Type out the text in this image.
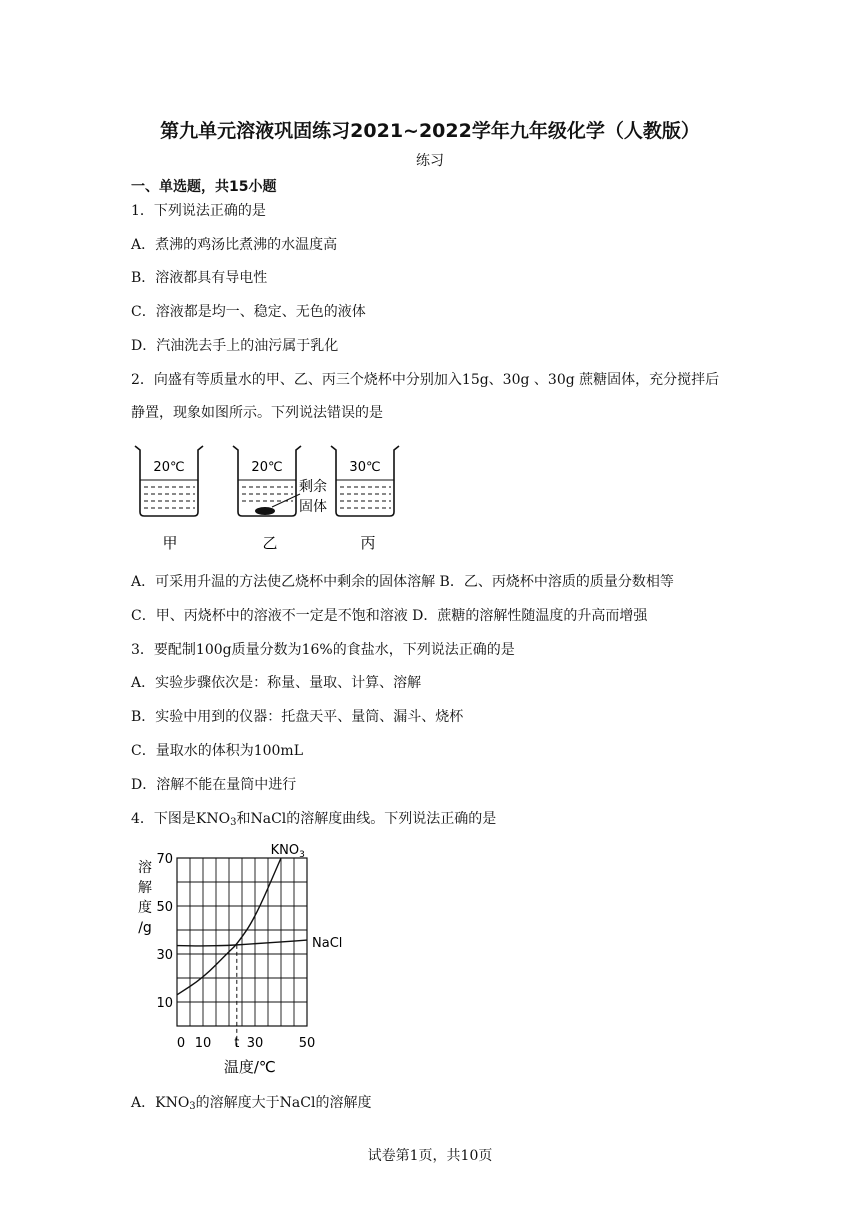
第九单元溶液巩固练习2021~2022学年九年级化学（人教版）
练习
一、单选题，共15小题
1．下列说法正确的是
A．煮沸的鸡汤比煮沸的水温度高
B．溶液都具有导电性
C．溶液都是均一、稳定、无色的液体
D．汽油洗去手上的油污属于乳化
2．向盛有等质量水的甲、乙、丙三个烧杯中分别加入15g、30g 、30g 蔗糖固体，充分搅拌后
静置，现象如图所示。下列说法错误的是
20℃
甲
20℃
剩余
固体
乙
30℃
丙
A．可采用升温的方法使乙烧杯中剩余的固体溶解 B．乙、丙烧杯中溶质的质量分数相等
C．甲、丙烧杯中的溶液不一定是不饱和溶液 D．蔗糖的溶解性随温度的升高而增强
3．要配制100g质量分数为16%的食盐水，下列说法正确的是
A．实验步骤依次是：称量、量取、计算、溶解
B．实验中用到的仪器：托盘天平、量筒、漏斗、烧杯
C．量取水的体积为100mL
D．溶解不能在量筒中进行
4．下图是$KNO_3$和NaCl的溶解度曲线。下列说法正确的是
10
30
50
70
0 10 t 30	50
溶
解
度
/g
温度/℃
$KNO_3$
NaCl
A．$KNO_3$的溶解度大于NaCl的溶解度
试卷第1页，共10页
